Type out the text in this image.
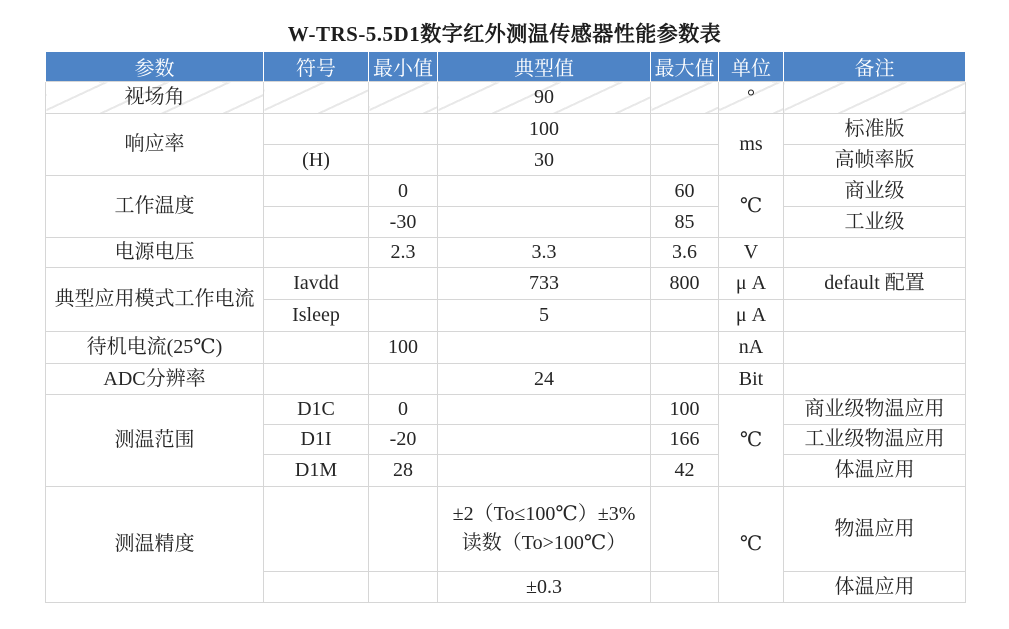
W-TRS-5.5D1数字红外测温传感器性能参数表
参数	符号	最小值	典型值	最大值	单位	备注
视场角			90		°	
响应率			100		ms	标准版
	(H)		30			高帧率版
工作温度		0		60	℃	商业级
		-30		85		工业级
电源电压		2.3	3.3	3.6	V	
典型应用模式工作电流	Iavdd		733	800	μ A	default 配置
	Isleep		5		μ A	
待机电流(25℃)		100			nA	
ADC分辨率			24		Bit	
测温范围	D1C	0		100	℃	商业级物温应用
	D1I	-20		166		工业级物温应用
	D1M	28		42		体温应用
测温精度			±2（To≤100℃）±3% 读数（To>100℃）		℃	物温应用
			±0.3			体温应用
